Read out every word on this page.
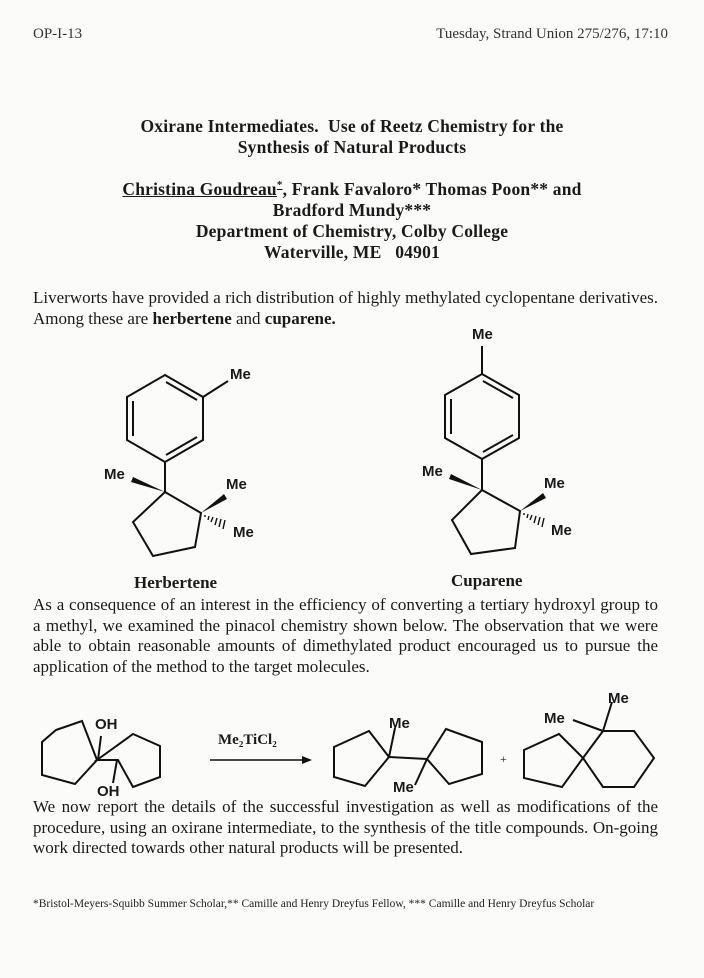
OP-I-13	Tuesday, Strand Union 275/276, 17:10
Oxirane Intermediates.  Use of Reetz Chemistry for the
Synthesis of Natural Products
Christina Goudreau*, Frank Favaloro* Thomas Poon** and
Bradford Mundy***
Department of Chemistry, Colby College
Waterville, ME   04901
Liverworts have provided a rich distribution of highly methylated cyclopentane derivatives. Among these are herbertene and cuparene.
Me
Me
Me
Me
Herbertene
Me
Me
Me
Me
Cuparene
As a consequence of an interest in the efficiency of converting a tertiary hydroxyl group to a methyl, we examined the pinacol chemistry shown below. The observation that we were able to obtain reasonable amounts of dimethylated product encouraged us to pursue the application of the method to the target molecules.
OH
OH
Me₂TiCl₂
Me
Me
+
Me
Me
We now report the details of the successful investigation as well as modifications of the procedure, using an oxirane intermediate, to the synthesis of the title compounds. On-going work directed towards other natural products will be presented.
*Bristol-Meyers-Squibb Summer Scholar,** Camille and Henry Dreyfus Fellow, *** Camille and Henry Dreyfus Scholar
